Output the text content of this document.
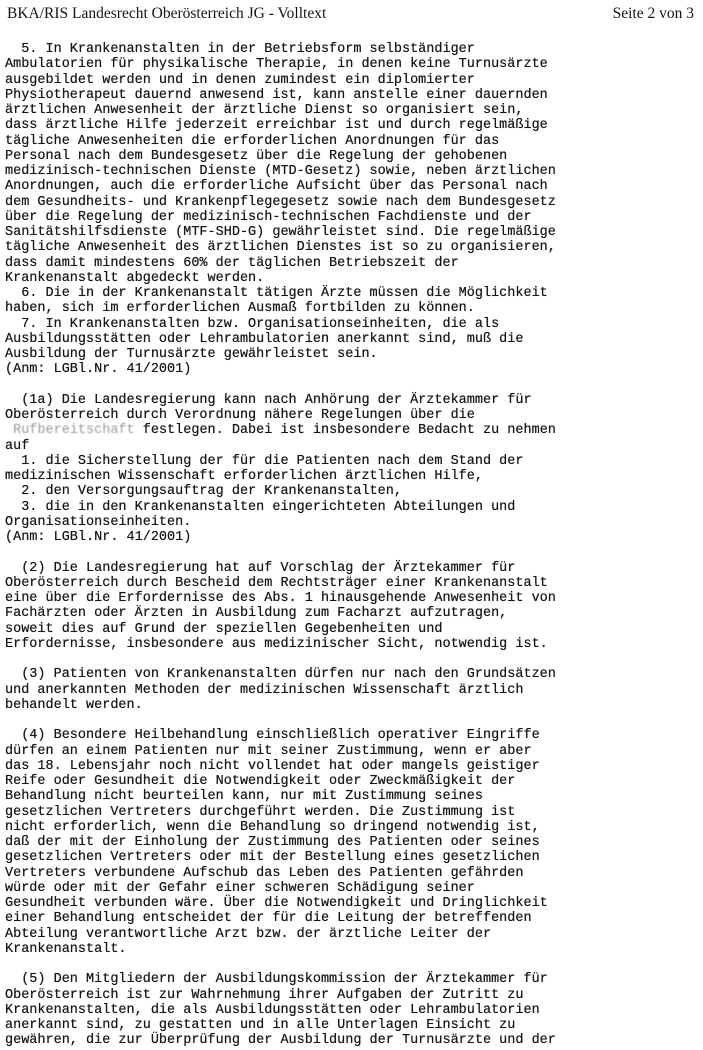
BKA/RIS Landesrecht Oberösterreich JG - Volltext	Seite 2 von 3
5. In Krankenanstalten in der Betriebsform selbständiger
Ambulatorien für physikalische Therapie, in denen keine Turnusärzte
ausgebildet werden und in denen zumindest ein diplomierter
Physiotherapeut dauernd anwesend ist, kann anstelle einer dauernden
ärztlichen Anwesenheit der ärztliche Dienst so organisiert sein,
dass ärztliche Hilfe jederzeit erreichbar ist und durch regelmäßige
tägliche Anwesenheiten die erforderlichen Anordnungen für das
Personal nach dem Bundesgesetz über die Regelung der gehobenen
medizinisch-technischen Dienste (MTD-Gesetz) sowie, neben ärztlichen
Anordnungen, auch die erforderliche Aufsicht über das Personal nach
dem Gesundheits- und Krankenpflegegesetz sowie nach dem Bundesgesetz
über die Regelung der medizinisch-technischen Fachdienste und der
Sanitätshilfsdienste (MTF-SHD-G) gewährleistet sind. Die regelmäßige
tägliche Anwesenheit des ärztlichen Dienstes ist so zu organisieren,
dass damit mindestens 60% der täglichen Betriebszeit der
Krankenanstalt abgedeckt werden.
6. Die in der Krankenanstalt tätigen Ärzte müssen die Möglichkeit
haben, sich im erforderlichen Ausmaß fortbilden zu können.
7. In Krankenanstalten bzw. Organisationseinheiten, die als
Ausbildungsstätten oder Lehrambulatorien anerkannt sind, muß die
Ausbildung der Turnusärzte gewährleistet sein.
(Anm: LGBl.Nr. 41/2001)

(1a) Die Landesregierung kann nach Anhörung der Ärztekammer für
Oberösterreich durch Verordnung nähere Regelungen über die
Rufbereitschaft festlegen. Dabei ist insbesondere Bedacht zu nehmen
auf
1. die Sicherstellung der für die Patienten nach dem Stand der
medizinischen Wissenschaft erforderlichen ärztlichen Hilfe,
2. den Versorgungsauftrag der Krankenanstalten,
3. die in den Krankenanstalten eingerichteten Abteilungen und
Organisationseinheiten.
(Anm: LGBl.Nr. 41/2001)

(2) Die Landesregierung hat auf Vorschlag der Ärztekammer für
Oberösterreich durch Bescheid dem Rechtsträger einer Krankenanstalt
eine über die Erfordernisse des Abs. 1 hinausgehende Anwesenheit von
Fachärzten oder Ärzten in Ausbildung zum Facharzt aufzutragen,
soweit dies auf Grund der speziellen Gegebenheiten und
Erfordernisse, insbesondere aus medizinischer Sicht, notwendig ist.

(3) Patienten von Krankenanstalten dürfen nur nach den Grundsätzen
und anerkannten Methoden der medizinischen Wissenschaft ärztlich
behandelt werden.

(4) Besondere Heilbehandlung einschließlich operativer Eingriffe
dürfen an einem Patienten nur mit seiner Zustimmung, wenn er aber
das 18. Lebensjahr noch nicht vollendet hat oder mangels geistiger
Reife oder Gesundheit die Notwendigkeit oder Zweckmäßigkeit der
Behandlung nicht beurteilen kann, nur mit Zustimmung seines
gesetzlichen Vertreters durchgeführt werden. Die Zustimmung ist
nicht erforderlich, wenn die Behandlung so dringend notwendig ist,
daß der mit der Einholung der Zustimmung des Patienten oder seines
gesetzlichen Vertreters oder mit der Bestellung eines gesetzlichen
Vertreters verbundene Aufschub das Leben des Patienten gefährden
würde oder mit der Gefahr einer schweren Schädigung seiner
Gesundheit verbunden wäre. Über die Notwendigkeit und Dringlichkeit
einer Behandlung entscheidet der für die Leitung der betreffenden
Abteilung verantwortliche Arzt bzw. der ärztliche Leiter der
Krankenanstalt.

(5) Den Mitgliedern der Ausbildungskommission der Ärztekammer für
Oberösterreich ist zur Wahrnehmung ihrer Aufgaben der Zutritt zu
Krankenanstalten, die als Ausbildungsstätten oder Lehrambulatorien
anerkannt sind, zu gestatten und in alle Unterlagen Einsicht zu
gewähren, die zur Überprüfung der Ausbildung der Turnusärzte und der
